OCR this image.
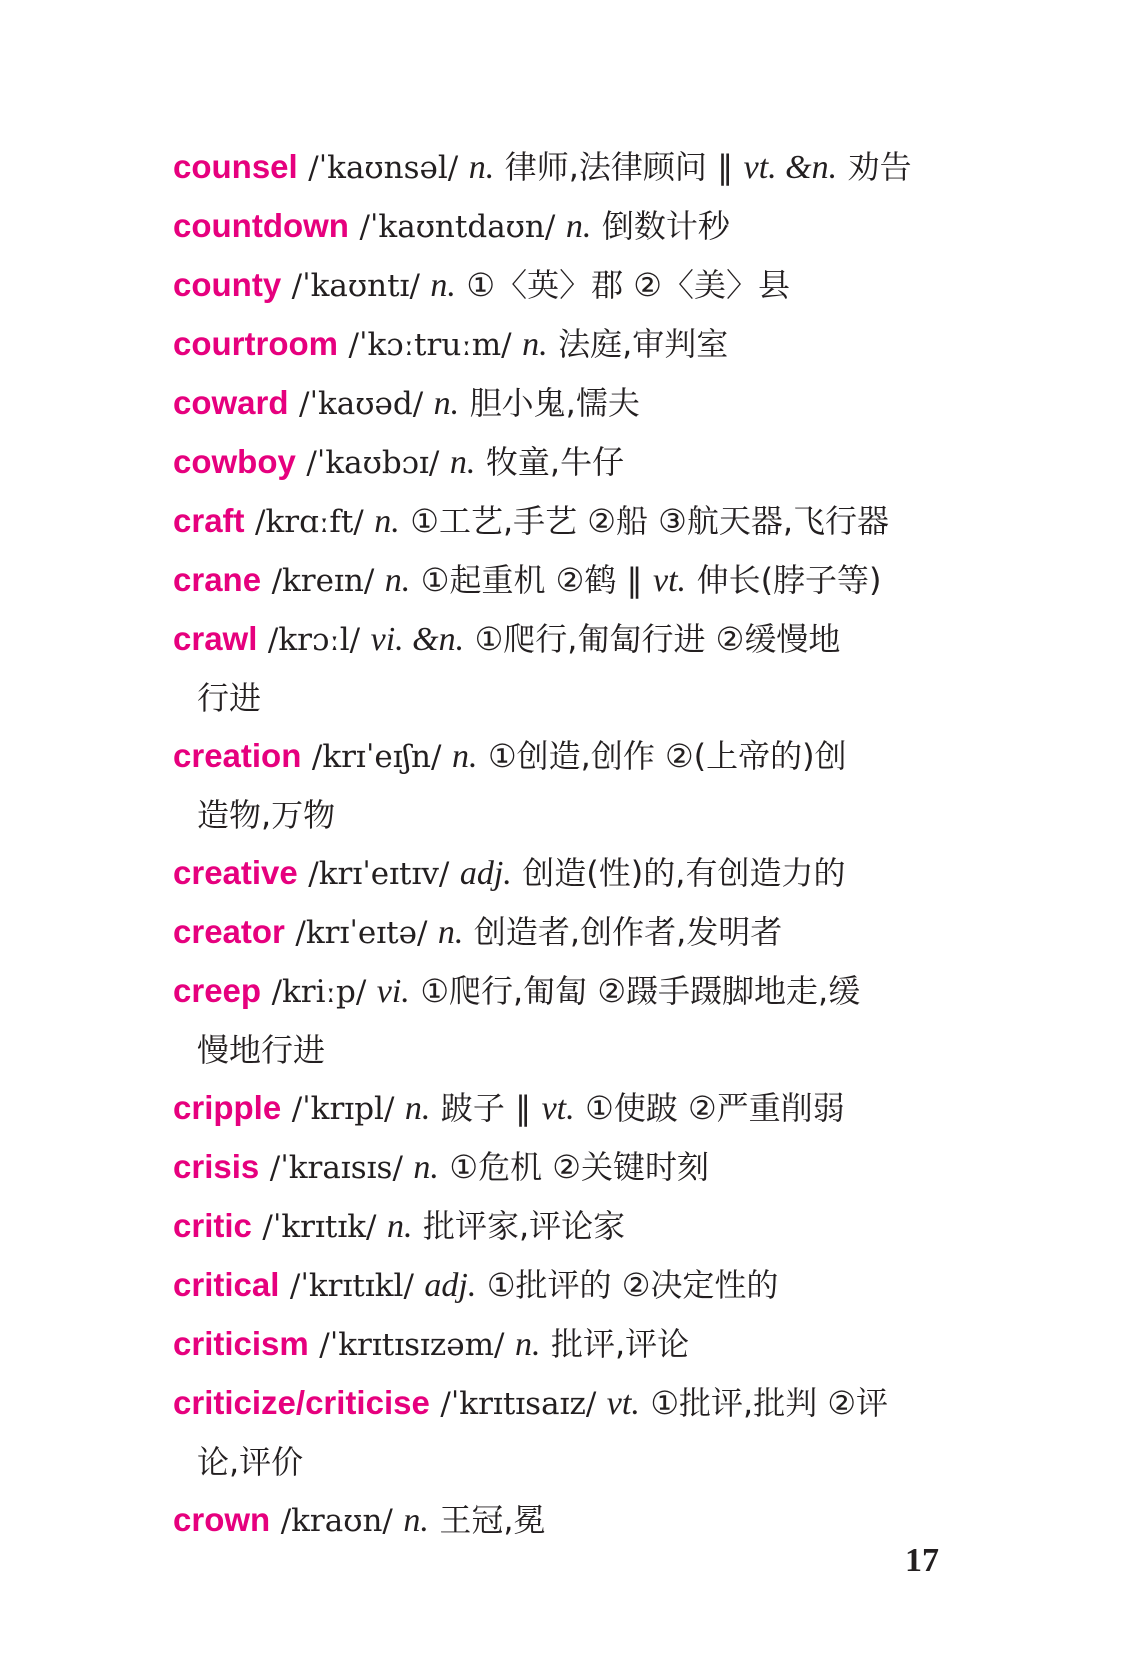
counsel /ˈkaʊnsəl/ n. 律师,法律顾问 ‖ vt. &n. 劝告
countdown /ˈkaʊntdaʊn/ n. 倒数计秒
county /ˈkaʊntɪ/ n. ①〈英〉郡 ②〈美〉县
courtroom /ˈkɔːtruːm/ n. 法庭,审判室
coward /ˈkaʊəd/ n. 胆小鬼,懦夫
cowboy /ˈkaʊbɔɪ/ n. 牧童,牛仔
craft /krɑːft/ n. ①工艺,手艺 ②船 ③航天器,飞行器
crane /kreɪn/ n. ①起重机 ②鹤 ‖ vt. 伸长(脖子等)
crawl /krɔːl/ vi. &n. ①爬行,匍匐行进 ②缓慢地
行进
creation /krɪˈeɪʃn/ n. ①创造,创作 ②(上帝的)创
造物,万物
creative /krɪˈeɪtɪv/ adj. 创造(性)的,有创造力的
creator /krɪˈeɪtə/ n. 创造者,创作者,发明者
creep /kriːp/ vi. ①爬行,匍匐 ②蹑手蹑脚地走,缓
慢地行进
cripple /ˈkrɪpl/ n. 跛子 ‖ vt. ①使跛 ②严重削弱
crisis /ˈkraɪsɪs/ n. ①危机 ②关键时刻
critic /ˈkrɪtɪk/ n. 批评家,评论家
critical /ˈkrɪtɪkl/ adj. ①批评的 ②决定性的
criticism /ˈkrɪtɪsɪzəm/ n. 批评,评论
criticize/criticise /ˈkrɪtɪsaɪz/ vt. ①批评,批判 ②评
论,评价
crown /kraʊn/ n. 王冠,冕
17
